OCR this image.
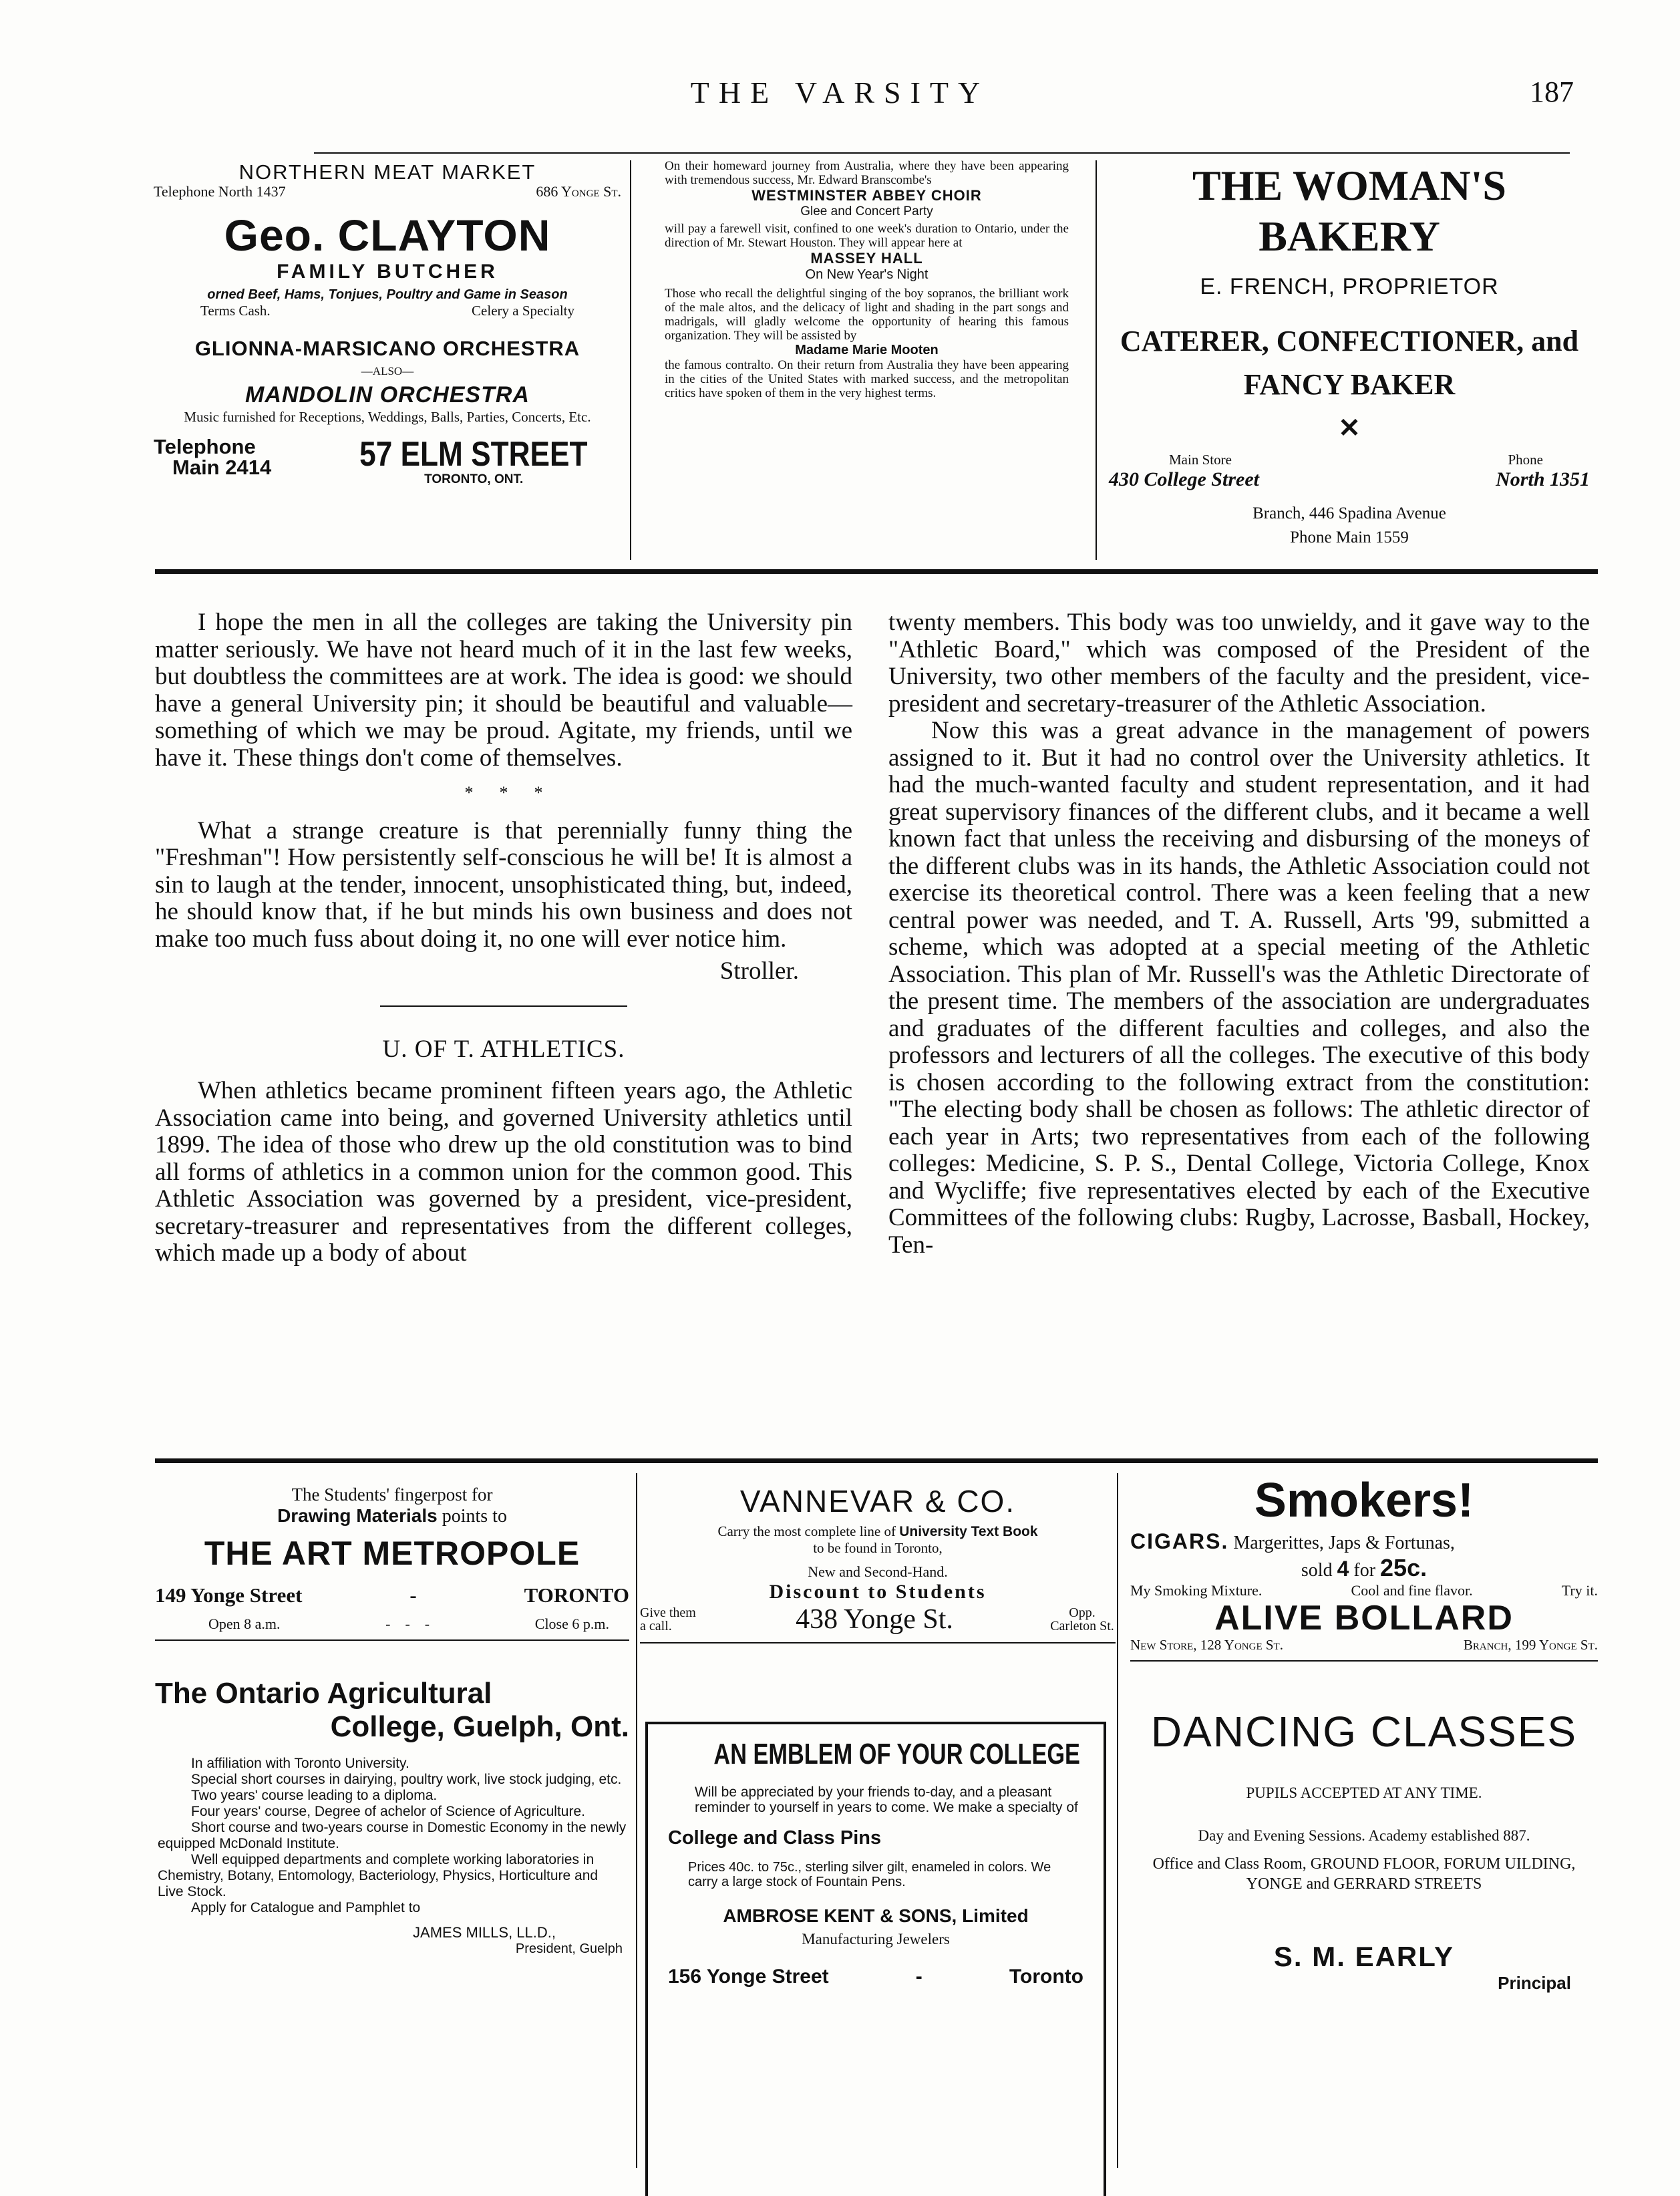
THE VARSITY	187
NORTHERN MEAT MARKET
Telephone North 1437	686 Yonge St.
Geo. CLAYTON
FAMILY BUTCHER
orned Beef, Hams, Tonjues, Poultry and Game in Season
Terms Cash.	Celery a Specialty
GLIONNA-MARSICANO ORCHESTRA
—ALSO—
MANDOLIN ORCHESTRA
Music furnished for Receptions, Weddings, Balls, Parties, Concerts, Etc.
Telephone
Main 2414	57 ELM STREET
TORONTO, ONT.
On their homeward journey from Australia, where they have been appearing with tremendous success, Mr. Edward Branscombe's
WESTMINSTER ABBEY CHOIR
Glee and Concert Party
will pay a farewell visit, confined to one week's duration to Ontario, under the direction of Mr. Stewart Houston. They will appear here at
MASSEY HALL
On New Year's Night
Those who recall the delightful singing of the boy sopranos, the brilliant work of the male altos, and the delicacy of light and shading in the part songs and madrigals, will gladly welcome the opportunity of hearing this famous organization. They will be assisted by
Madame Marie Mooten
the famous contralto. On their return from Australia they have been appearing in the cities of the United States with marked success, and the metropolitan critics have spoken of them in the very highest terms.
THE WOMAN'S BAKERY
E. FRENCH, PROPRIETOR
CATERER, CONFECTIONER, and
FANCY BAKER
✕
Main Store	Phone
430 College Street	North 1351
Branch, 446 Spadina Avenue
Phone Main 1559

I hope the men in all the colleges are taking the University pin matter seriously. We have not heard much of it in the last few weeks, but doubtless the committees are at work. The idea is good: we should have a general University pin; it should be beautiful and valuable—something of which we may be proud. Agitate, my friends, until we have it. These things don't come of themselves.

*      *      *

What a strange creature is that perennially funny thing the "Freshman"! How persistently self-conscious he will be! It is almost a sin to laugh at the tender, innocent, unsophisticated thing, but, indeed, he should know that, if he but minds his own business and does not make too much fuss about doing it, no one will ever notice him.

Stroller.
U. OF T. ATHLETICS.

When athletics became prominent fifteen years ago, the Athletic Association came into being, and governed University athletics until 1899. The idea of those who drew up the old constitution was to bind all forms of athletics in a common union for the common good. This Athletic Association was governed by a president, vice-president, secretary-treasurer and representatives from the different colleges, which made up a body of about

twenty members. This body was too unwieldy, and it gave way to the "Athletic Board," which was composed of the President of the University, two other members of the faculty and the president, vice-president and secretary-treasurer of the Athletic Association.

Now this was a great advance in the management of powers assigned to it. But it had no control over the University athletics. It had the much-wanted faculty and student representation, and it had great supervisory finances of the different clubs, and it became a well known fact that unless the receiving and disbursing of the moneys of the different clubs was in its hands, the Athletic Association could not exercise its theoretical control. There was a keen feeling that a new central power was needed, and T. A. Russell, Arts '99, submitted a scheme, which was adopted at a special meeting of the Athletic Association. This plan of Mr. Russell's was the Athletic Directorate of the present time. The members of the association are undergraduates and graduates of the different faculties and colleges, and also the professors and lecturers of all the colleges. The executive of this body is chosen according to the following extract from the constitution: "The electing body shall be chosen as follows: The athletic director of each year in Arts; two representatives from each of the following colleges: Medicine, S. P. S., Dental College, Victoria College, Knox and Wycliffe; five representatives elected by each of the Executive Committees of the following clubs: Rugby, Lacrosse, Basball, Hockey, Ten-

The Students' fingerpost for
Drawing Materials points to
THE ART METROPOLE
149 Yonge Street	-	TORONTO
Open 8 a.m.	-    -    -	Close 6 p.m.
VANNEVAR & CO.
Carry the most complete line of University Text Book
to be found in Toronto,
New and Second-Hand.
Discount to Students
Give them a call.	438 Yonge St.	Opp. Carleton St.
Smokers!
CIGARS. Margerittes, Japs & Fortunas,
sold 4 for 25c.
My Smoking Mixture.	Cool and fine flavor.	Try it.
ALIVE BOLLARD
New Store, 128 Yonge St.	Branch, 199 Yonge St.
The Ontario Agricultural
College, Guelph, Ont.
In affiliation with Toronto University.
Special short courses in dairying, poultry work, live stock judging, etc.
Two years' course leading to a diploma.
Four years' course, Degree of achelor of Science of Agriculture.
Short course and two-years course in Domestic Economy in the newly equipped McDonald Institute.
Well equipped departments and complete working laboratories in Chemistry, Botany, Entomology, Bacteriology, Physics, Horticulture and Live Stock.
Apply for Catalogue and Pamphlet to
JAMES MILLS, LL.D.,
President, Guelph
AN EMBLEM OF YOUR COLLEGE
Will be appreciated by your friends to-day, and a pleasant reminder to yourself in years to come. We make a specialty of
College and Class Pins
Prices 40c. to 75c., sterling silver gilt, enameled in colors. We carry a large stock of Fountain Pens.
AMBROSE KENT & SONS, Limited
Manufacturing Jewelers
156 Yonge Street	-	Toronto
DANCING CLASSES
PUPILS ACCEPTED AT ANY TIME.
Day and Evening Sessions. Academy established 887.
Office and Class Room, GROUND FLOOR, FORUM UILDING, YONGE and GERRARD STREETS
S. M. EARLY
Principal
